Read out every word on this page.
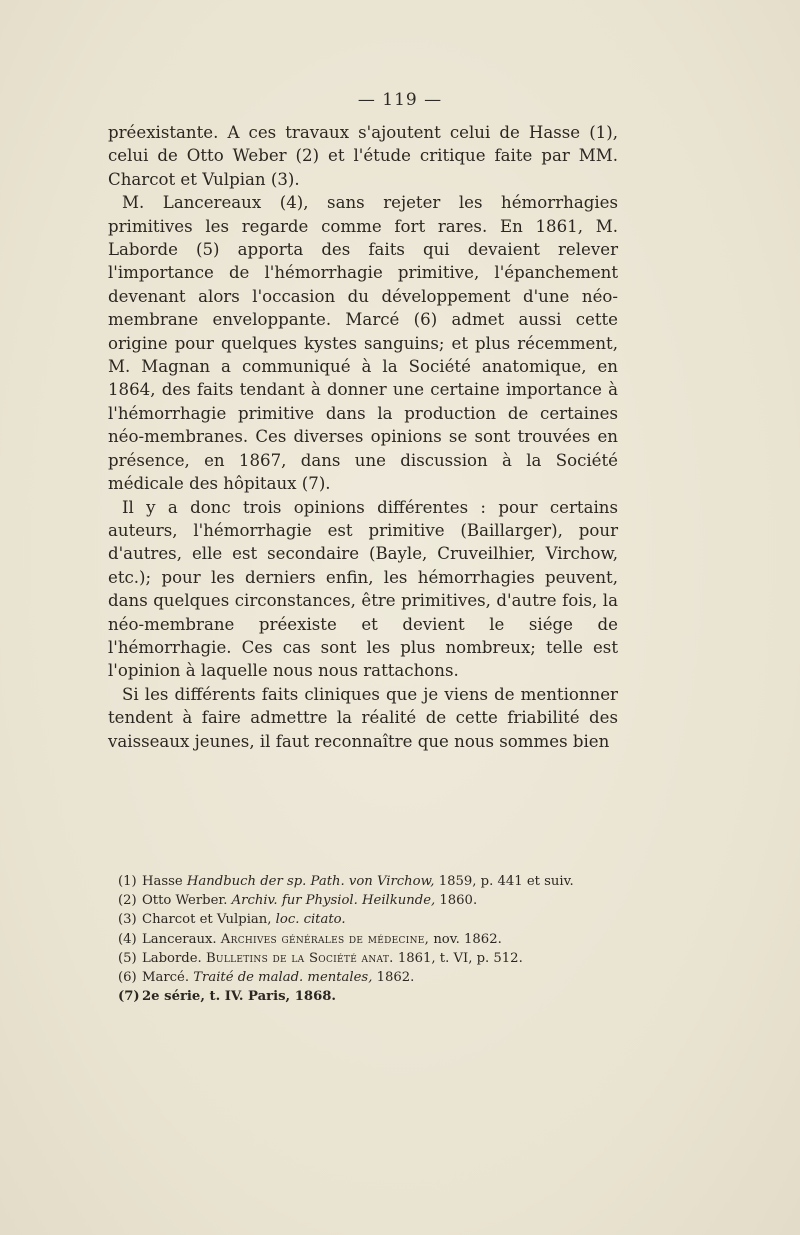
— 119 —

préexistante. A ces travaux s'ajoutent celui de Hasse (1), celui de Otto Weber (2) et l'étude critique faite par MM. Charcot et Vulpian (3).

M. Lancereaux (4), sans rejeter les hémorrhagies primitives les regarde comme fort rares. En 1861, M. Laborde (5) apporta des faits qui devaient relever l'importance de l'hémorrhagie primitive, l'épanchement devenant alors l'occasion du développement d'une néo-membrane enveloppante. Marcé (6) admet aussi cette origine pour quelques kystes sanguins; et plus récemment, M. Magnan a communiqué à la Société anatomique, en 1864, des faits tendant à donner une certaine importance à l'hémorrhagie primitive dans la production de certaines néo-membranes. Ces diverses opinions se sont trouvées en présence, en 1867, dans une discussion à la Société médicale des hôpitaux (7).

Il y a donc trois opinions différentes : pour certains auteurs, l'hémorrhagie est primitive (Baillarger), pour d'autres, elle est secondaire (Bayle, Cruveilhier, Virchow, etc.); pour les derniers enfin, les hémorrhagies peuvent, dans quelques circonstances, être primitives, d'autre fois, la néo-membrane préexiste et devient le siége de l'hémorrhagie. Ces cas sont les plus nombreux; telle est l'opinion à laquelle nous nous rattachons.

Si les différents faits cliniques que je viens de mentionner tendent à faire admettre la réalité de cette friabilité des vaisseaux jeunes, il faut reconnaître que nous sommes bien

(1) Hasse Handbuch der sp. Path. von Virchow, 1859, p. 441 et suiv.
(2) Otto Werber. Archiv. fur Physiol. Heilkunde, 1860.
(3) Charcot et Vulpian, loc. citato.
(4) Lanceraux. Archives générales de médecine, nov. 1862.
(5) Laborde. Bulletins de la Société anat. 1861, t. VI, p. 512.
(6) Marcé. Traité de malad. mentales, 1862.
(7) 2e série, t. IV. Paris, 1868.
